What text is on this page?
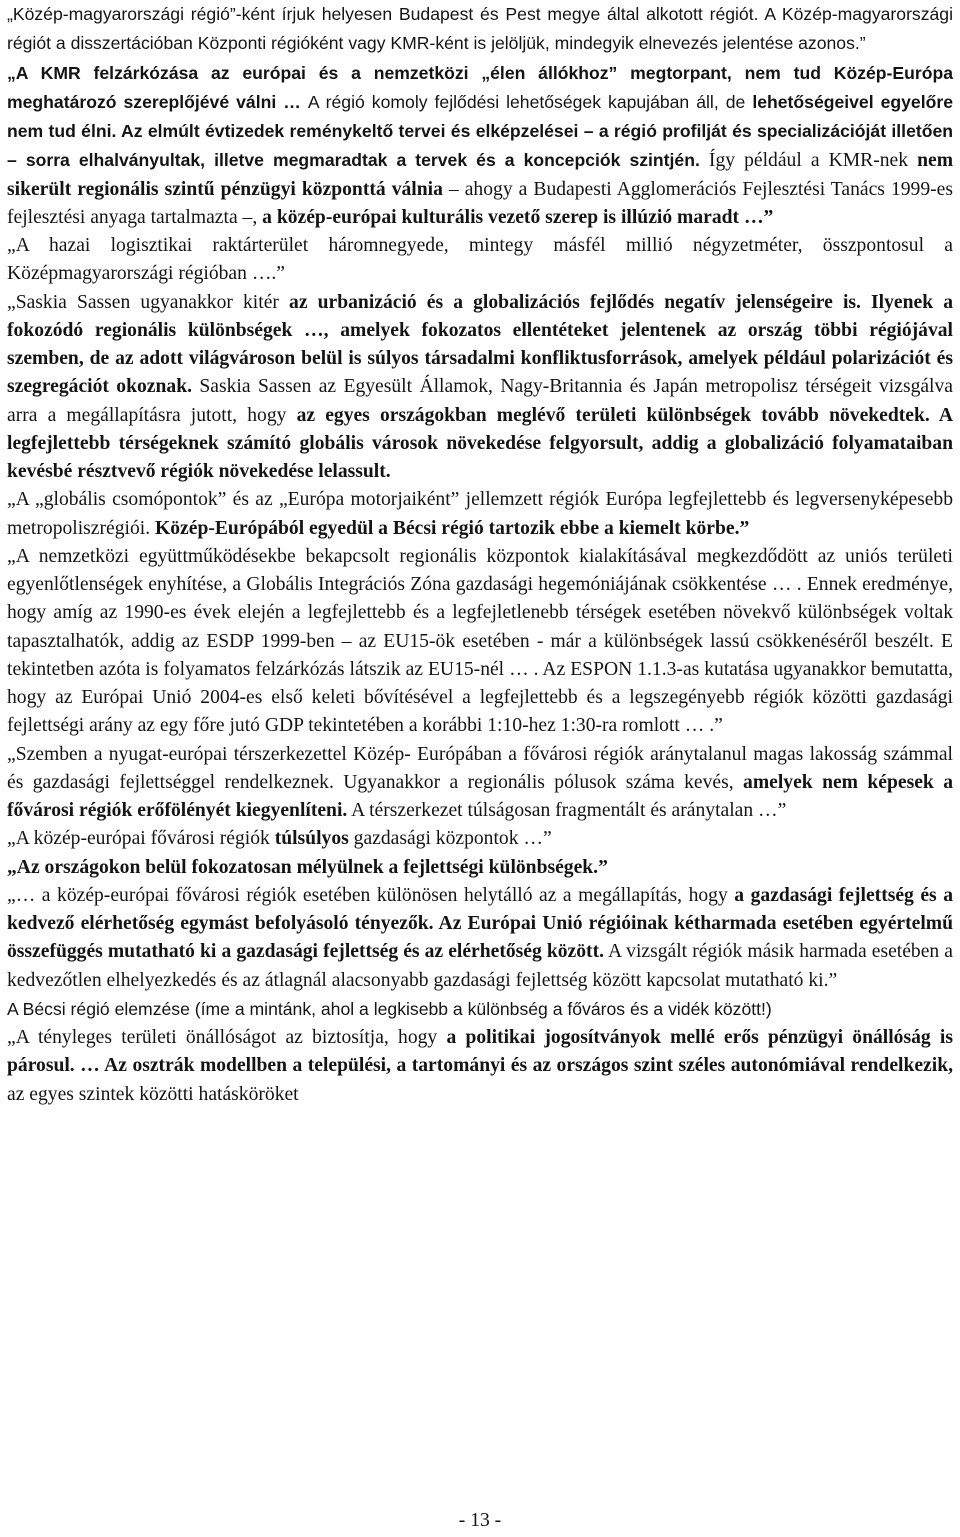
„Közép-magyarországi régió”-ként írjuk helyesen Budapest és Pest megye által alkotott régiót. A Közép-magyarországi régiót a disszertációban Központi régióként vagy KMR-ként is jelöljük, mindegyik elnevezés jelentése azonos.”

„A KMR felzárkózása az európai és a nemzetközi „élen állókhoz” megtorpant, nem tud Közép-Európa meghatározó szereplőjévé válni … A régió komoly fejlődési lehetőségek kapujában áll, de lehetőségeivel egyelőre nem tud élni. Az elmúlt évtizedek reménykeltő tervei és elképzelései – a régió profilját és specializációját illetően – sorra elhalványultak, illetve megmaradtak a tervek és a koncepciók szintjén. Így például a KMR-nek nem sikerült regionális szintű pénzügyi központtá válnia – ahogy a Budapesti Agglomerációs Fejlesztési Tanács 1999-es fejlesztési anyaga tartalmazta –, a közép-európai kulturális vezető szerep is illúzió maradt …”

„A hazai logisztikai raktárterület háromnegyede, mintegy másfél millió négyzetméter, összpontosul a Középmagyarországi régióban ….”

„Saskia Sassen ugyanakkor kitér az urbanizáció és a globalizációs fejlődés negatív jelenségeire is. Ilyenek a fokozódó regionális különbségek …, amelyek fokozatos ellentéteket jelentenek az ország többi régiójával szemben, de az adott világvároson belül is súlyos társadalmi konfliktusforrások, amelyek például polarizációt és szegregációt okoznak. Saskia Sassen az Egyesült Államok, Nagy-Britannia és Japán metropolisz térségeit vizsgálva arra a megállapításra jutott, hogy az egyes országokban meglévő területi különbségek tovább növekedtek. A legfejlettebb térségeknek számító globális városok növekedése felgyorsult, addig a globalizáció folyamataiban kevésbé résztvevő régiók növekedése lelassult.

„A „globális csomópontok” és az „Európa motorjaiként” jellemzett régiók Európa legfejlettebb és legversenyképesebb metropoliszrégiói. Közép-Európából egyedül a Bécsi régió tartozik ebbe a kiemelt körbe.”

„A nemzetközi együttműködésekbe bekapcsolt regionális központok kialakításával megkezdődött az uniós területi egyenlőtlenségek enyhítése, a Globális Integrációs Zóna gazdasági hegemóniájának csökkentése … . Ennek eredménye, hogy amíg az 1990-es évek elején a legfejlettebb és a legfejletlenebb térségek esetében növekvő különbségek voltak tapasztalhatók, addig az ESDP 1999-ben – az EU15-ök esetében - már a különbségek lassú csökkenéséről beszélt. E tekintetben azóta is folyamatos felzárkózás látszik az EU15-nél … . Az ESPON 1.1.3-as kutatása ugyanakkor bemutatta, hogy az Európai Unió 2004-es első keleti bővítésével a legfejlettebb és a legszegényebb régiók közötti gazdasági fejlettségi arány az egy főre jutó GDP tekintetében a korábbi 1:10-hez 1:30-ra romlott … .”

„Szemben a nyugat-európai térszerkezettel Közép- Európában a fővárosi régiók aránytalanul magas lakosság számmal és gazdasági fejlettséggel rendelkeznek. Ugyanakkor a regionális pólusok száma kevés, amelyek nem képesek a fővárosi régiók erőfölényét kiegyenlíteni. A térszerkezet túlságosan fragmentált és aránytalan …”

„A közép-európai fővárosi régiók túlsúlyos gazdasági központok …”

„Az országokon belül fokozatosan mélyülnek a fejlettségi különbségek.”

„… a közép-európai fővárosi régiók esetében különösen helytálló az a megállapítás, hogy a gazdasági fejlettség és a kedvező elérhetőség egymást befolyásoló tényezők. Az Európai Unió régióinak kétharmada esetében egyértelmű összefüggés mutatható ki a gazdasági fejlettség és az elérhetőség között. A vizsgált régiók másik harmada esetében a kedvezőtlen elhelyezkedés és az átlagnál alacsonyabb gazdasági fejlettség között kapcsolat mutatható ki.”

A Bécsi régió elemzése (íme a mintánk, ahol a legkisebb a különbség a főváros és a vidék között!)

„A tényleges területi önállóságot az biztosítja, hogy a politikai jogosítványok mellé erős pénzügyi önállóság is párosul. … Az osztrák modellben a települési, a tartományi és az országos szint széles autonómiával rendelkezik, az egyes szintek közötti hatásköröket

- 13 -
